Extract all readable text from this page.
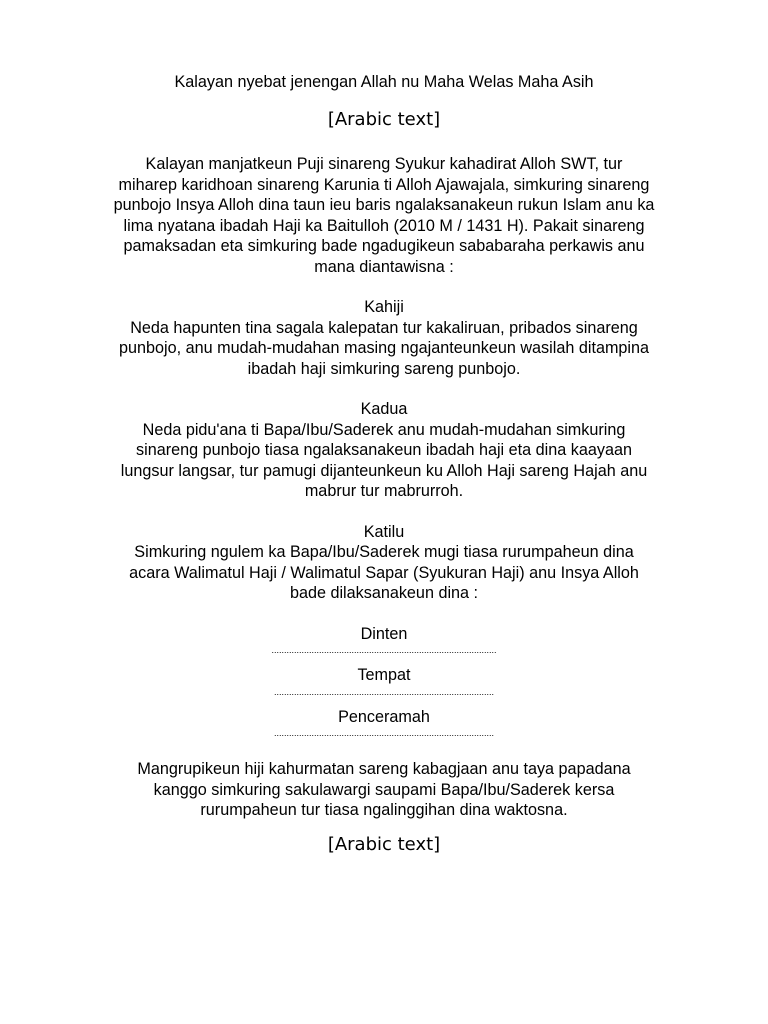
Kalayan nyebat jenengan Allah nu Maha Welas Maha Asih

[Arabic text]
Kalayan manjatkeun Puji sinareng Syukur kahadirat Alloh SWT, tur
miharep karidhoan sinareng Karunia ti Alloh Ajawajala, simkuring sinareng
punbojo Insya Alloh dina taun ieu baris ngalaksanakeun rukun Islam anu ka
lima nyatana ibadah Haji ka Baitulloh (2010 M / 1431 H). Pakait sinareng
pamaksadan eta simkuring bade ngadugikeun sababaraha perkawis anu
mana diantawisna :
Kahiji
Neda hapunten tina sagala kalepatan tur kakaliruan, pribados sinareng
punbojo, anu mudah-mudahan masing ngajanteunkeun wasilah ditampina
ibadah haji simkuring sareng punbojo.
Kadua
Neda pidu'ana ti Bapa/Ibu/Saderek anu mudah-mudahan simkuring
sinareng punbojo tiasa ngalaksanakeun ibadah haji eta dina kaayaan
lungsur langsar, tur pamugi dijanteunkeun ku Alloh Haji sareng Hajah anu
mabrur tur mabrurroh.
Katilu
Simkuring ngulem ka Bapa/Ibu/Saderek mugi tiasa rurumpaheun dina
acara Walimatul Haji / Walimatul Sapar (Syukuran Haji) anu Insya Alloh
bade dilaksanakeun dina :
Dinten
..........................................................................................
Tempat
........................................................................................
Penceramah
........................................................................................
Mangrupikeun hiji kahurmatan sareng kabagjaan anu taya papadana
kanggo simkuring sakulawargi saupami Bapa/Ibu/Saderek kersa
rurumpaheun tur tiasa ngalinggihan dina waktosna.
[Arabic text]
